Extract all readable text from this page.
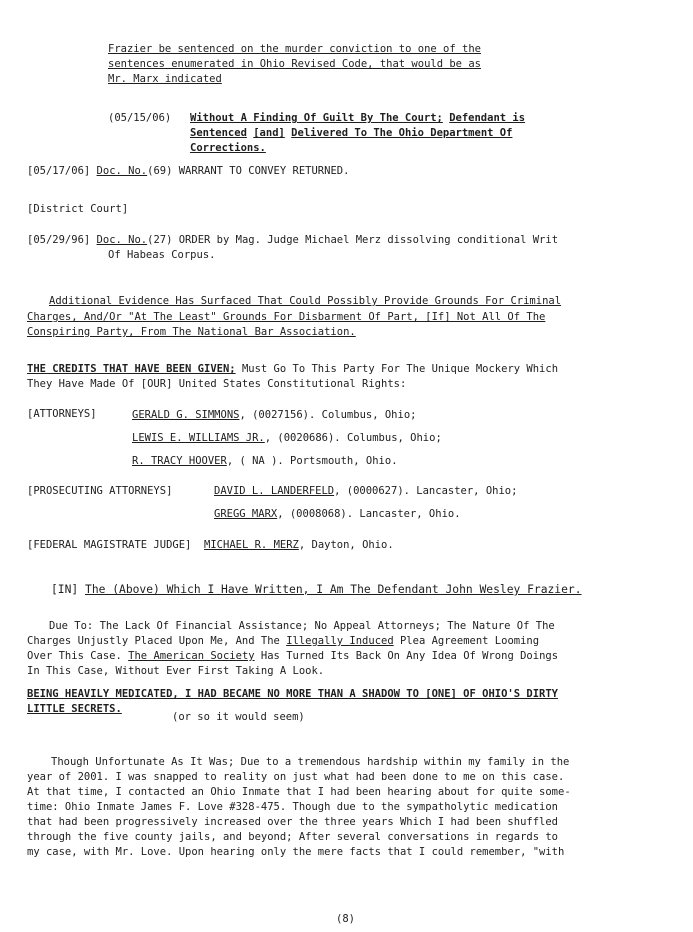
Frazier be sentenced on the murder conviction to one of the
sentences enumerated in Ohio Revised Code, that would be as
Mr. Marx indicated
(05/15/06) Without A Finding Of Guilt By The Court; Defendant is
Sentenced [and] Delivered To The Ohio Department Of
Corrections.
[05/17/06] Doc. No.(69) WARRANT TO CONVEY RETURNED.
[District Court]
[05/29/96] Doc. No.(27) ORDER by Mag. Judge Michael Merz dissolving conditional Writ
Of Habeas Corpus.
Additional Evidence Has Surfaced That Could Possibly Provide Grounds For Criminal
Charges, And/Or "At The Least" Grounds For Disbarment Of Part, [If] Not All Of The
Conspiring Party, From The National Bar Association.
THE CREDITS THAT HAVE BEEN GIVEN; Must Go To This Party For The Unique Mockery Which
They Have Made Of [OUR] United States Constitutional Rights:
[ATTORNEYS]	GERALD G. SIMMONS, (0027156). Columbus, Ohio;
LEWIS E. WILLIAMS JR., (0020686). Columbus, Ohio;
R. TRACY HOOVER, ( NA ). Portsmouth, Ohio.
[PROSECUTING ATTORNEYS]	DAVID L. LANDERFELD, (0000627). Lancaster, Ohio;
GREGG MARX, (0008068). Lancaster, Ohio.
[FEDERAL MAGISTRATE JUDGE] MICHAEL R. MERZ, Dayton, Ohio.
[IN] The (Above) Which I Have Written, I Am The Defendant John Wesley Frazier.
Due To: The Lack Of Financial Assistance; No Appeal Attorneys; The Nature Of The
Charges Unjustly Placed Upon Me, And The Illegally Induced Plea Agreement Looming
Over This Case. The American Society Has Turned Its Back On Any Idea Of Wrong Doings
In This Case, Without Ever First Taking A Look.
BEING HEAVILY MEDICATED, I HAD BECAME NO MORE THAN A SHADOW TO [ONE] OF OHIO'S DIRTY
LITTLE SECRETS.
(or so it would seem)
Though Unfortunate As It Was; Due to a tremendous hardship within my family in the
year of 2001. I was snapped to reality on just what had been done to me on this case.
At that time, I contacted an Ohio Inmate that I had been hearing about for quite some-
time: Ohio Inmate James F. Love #328-475. Though due to the sympatholytic medication
that had been progressively increased over the three years Which I had been shuffled
through the five county jails, and beyond; After several conversations in regards to
my case, with Mr. Love. Upon hearing only the mere facts that I could remember, "with
(8)
